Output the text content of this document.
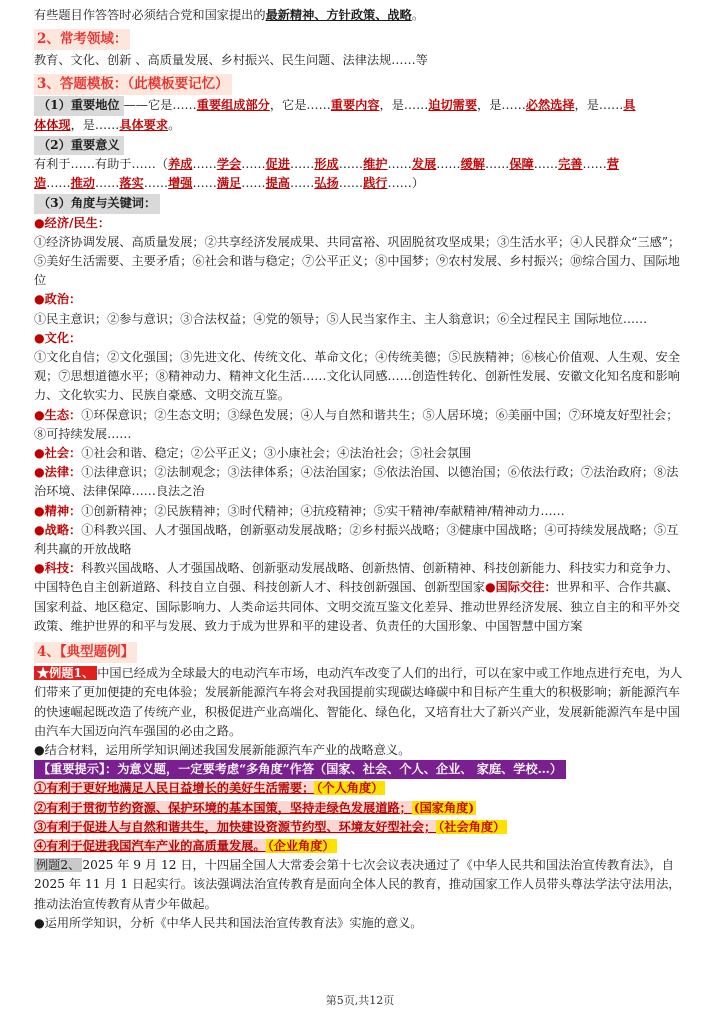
有些题目作答答时必须结合党和国家提出的最新精神、方针政策、战略。

2、常考领域：

教育、文化、创新 、高质量发展、乡村振兴、民生问题、法律法规……等

3、答题模板：（此模板要记忆）

（1）重要地位 ——它是……重要组成部分，它是……重要内容，是……迫切需要，是……必然选择，是……具
体体现，是……具体要求。

（2）重要意义
有利于……有助于……（养成……学会……促进……形成……维护……发展……缓解……保障……完善……营
造……推动……落实……增强……满足……提高……弘扬……践行……）

（3）角度与关键词：

●经济/民生：
①经济协调发展、高质量发展；②共享经济发展成果、共同富裕、巩固脱贫攻坚成果；③生活水平；④人民群众“三感”；⑤美好生活需要、主要矛盾；⑥社会和谐与稳定；⑦公平正义；⑧中国梦；⑨农村发展、乡村振兴；⑩综合国力、国际地位

●政治：
①民主意识；②参与意识；③合法权益；④党的领导；⑤人民当家作主、主人翁意识；⑥全过程民主 国际地位……

●文化：
①文化自信；②文化强国；③先进文化、传统文化、革命文化；④传统美德；⑤民族精神；⑥核心价值观、人生观、安全观；⑦思想道德水平；⑧精神动力、精神文化生活……文化认同感……创造性转化、创新性发展、安徽文化知名度和影响力、文化软实力、民族自豪感、文明交流互鉴。

●生态：①环保意识；②生态文明；③绿色发展；④人与自然和谐共生；⑤人居环境；⑥美丽中国；⑦环境友好型社会；⑧可持续发展……

●社会：①社会和谐、稳定；②公平正义；③小康社会；④法治社会；⑤社会氛围

●法律：①法律意识；②法制观念；③法律体系；④法治国家；⑤依法治国、以德治国；⑥依法行政；⑦法治政府；⑧法治环境、法律保障……良法之治

●精神：①创新精神；②民族精神；③时代精神；④抗疫精神；⑤实干精神/奉献精神/精神动力……

●战略：①科教兴国、人才强国战略，创新驱动发展战略；②乡村振兴战略；③健康中国战略；④可持续发展战略；⑤互利共赢的开放战略

●科技：科教兴国战略、人才强国战略、创新驱动发展战略、创新热情、创新精神、科技创新能力、科技实力和竞争力、中国特色自主创新道路、科技自立自强、科技创新人才、科技创新强国、创新型国家●国际交往：世界和平、合作共赢、国家利益、地区稳定、国际影响力、人类命运共同体、文明交流互鉴文化差异、推动世界经济发展、独立自主的和平外交政策、维护世界的和平与发展、致力于成为世界和平的建设者、负责任的大国形象、中国智慧中国方案

4、【典型题例】

★例题1、 中国已经成为全球最大的电动汽车市场，电动汽车改变了人们的出行，可以在家中或工作地点进行充电，为人们带来了更加便捷的充电体验；发展新能源汽车将会对我国提前实现碳达峰碳中和目标产生重大的积极影响；新能源汽车的快速崛起既改造了传统产业，积极促进产业高端化、智能化、绿色化，又培育壮大了新兴产业，发展新能源汽车是中国由汽车大国迈向汽车强国的必由之路。

●结合材料，运用所学知识阐述我国发展新能源汽车产业的战略意义。

【重要提示】：为意义题，一定要考虑“多角度”作答（国家、社会、个人、企业、 家庭、学校…）

①有利于更好地满足人民日益增长的美好生活需要； （个人角度）

②有利于贯彻节约资源、保护环境的基本国策，坚持走绿色发展道路； (国家角度)

③有利于促进人与自然和谐共生，加快建设资源节约型、环境友好型社会； （社会角度）

④有利于促进我国汽车产业的高质量发展。 （企业角度）

例题2、 2025 年 9 月 12 日，十四届全国人大常委会第十七次会议表决通过了《中华人民共和国法治宣传教育法》，自 2025 年 11 月 1 日起实行。该法强调法治宣传教育是面向全体人民的教育，推动国家工作人员带头尊法学法守法用法，推动法治宣传教育从青少年做起。

●运用所学知识，分析《中华人民共和国法治宣传教育法》实施的意义。

第5页,共12页
